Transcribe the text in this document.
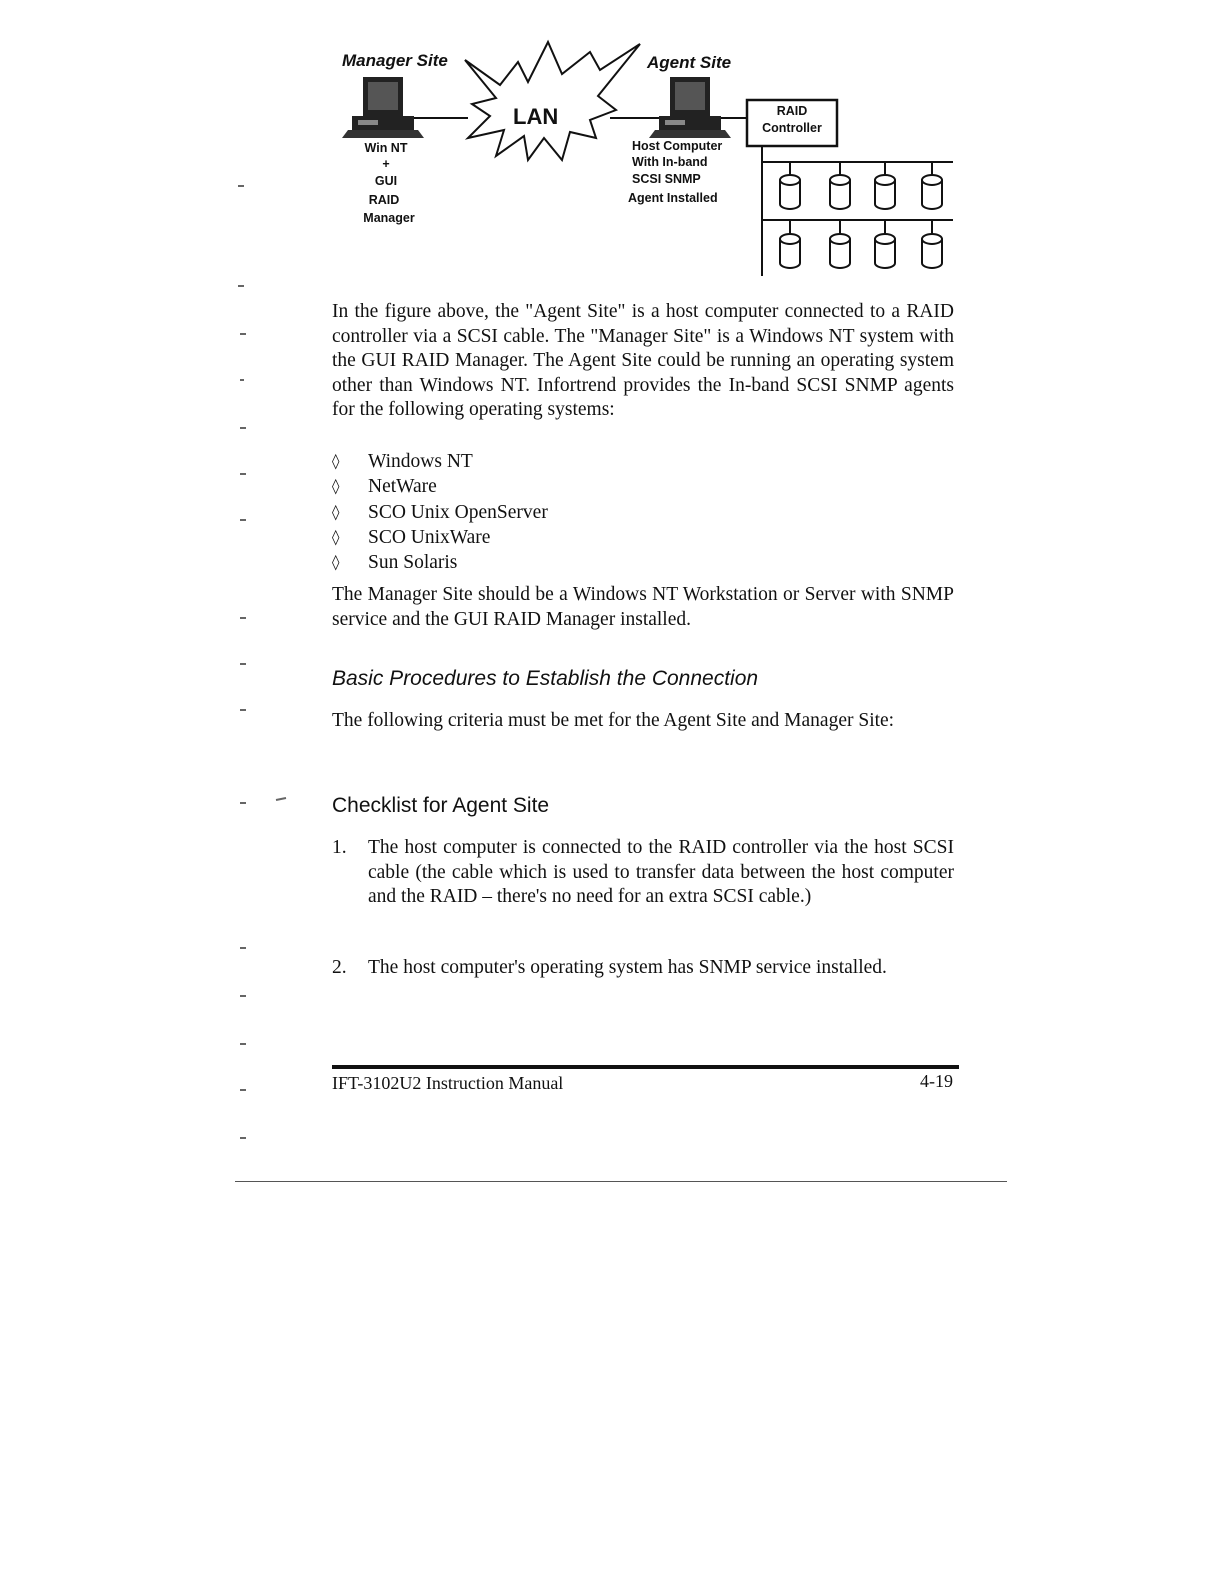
Manager Site	Agent Site
LAN	RAID
Controller
Win NT
+
GUI
RAID
Manager
Host Computer
With In-band
SCSI SNMP
Agent Installed

In the figure above, the "Agent Site" is a host computer connected to a RAID controller via a SCSI cable. The "Manager Site" is a Windows NT system with the GUI RAID Manager. The Agent Site could be running an operating system other than Windows NT. Infortrend provides the In-band SCSI SNMP agents for the following operating systems:

◊ Windows NT
◊ NetWare
◊ SCO Unix OpenServer
◊ SCO UnixWare
◊ Sun Solaris

The Manager Site should be a Windows NT Workstation or Server with SNMP service and the GUI RAID Manager installed.

Basic Procedures to Establish the Connection

The following criteria must be met for the Agent Site and Manager Site:

Checklist for Agent Site
1. The host computer is connected to the RAID controller via the host SCSI cable (the cable which is used to transfer data between the host computer and the RAID – there's no need for an extra SCSI cable.)
2. The host computer's operating system has SNMP service installed.
IFT-3102U2 Instruction Manual	4-19
